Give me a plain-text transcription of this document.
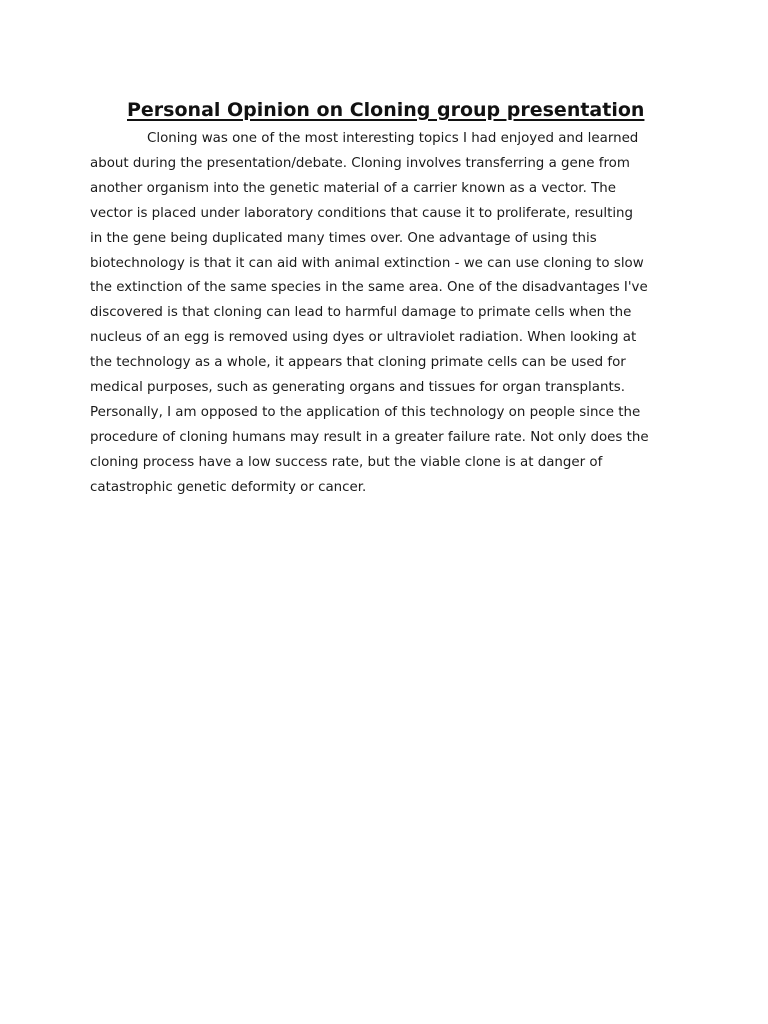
Personal Opinion on Cloning group presentation
Cloning was one of the most interesting topics I had enjoyed and learned
about during the presentation/debate. Cloning involves transferring a gene from
another organism into the genetic material of a carrier known as a vector. The
vector is placed under laboratory conditions that cause it to proliferate, resulting
in the gene being duplicated many times over. One advantage of using this
biotechnology is that it can aid with animal extinction - we can use cloning to slow
the extinction of the same species in the same area. One of the disadvantages I've
discovered is that cloning can lead to harmful damage to primate cells when the
nucleus of an egg is removed using dyes or ultraviolet radiation. When looking at
the technology as a whole, it appears that cloning primate cells can be used for
medical purposes, such as generating organs and tissues for organ transplants.
Personally, I am opposed to the application of this technology on people since the
procedure of cloning humans may result in a greater failure rate. Not only does the
cloning process have a low success rate, but the viable clone is at danger of
catastrophic genetic deformity or cancer.
